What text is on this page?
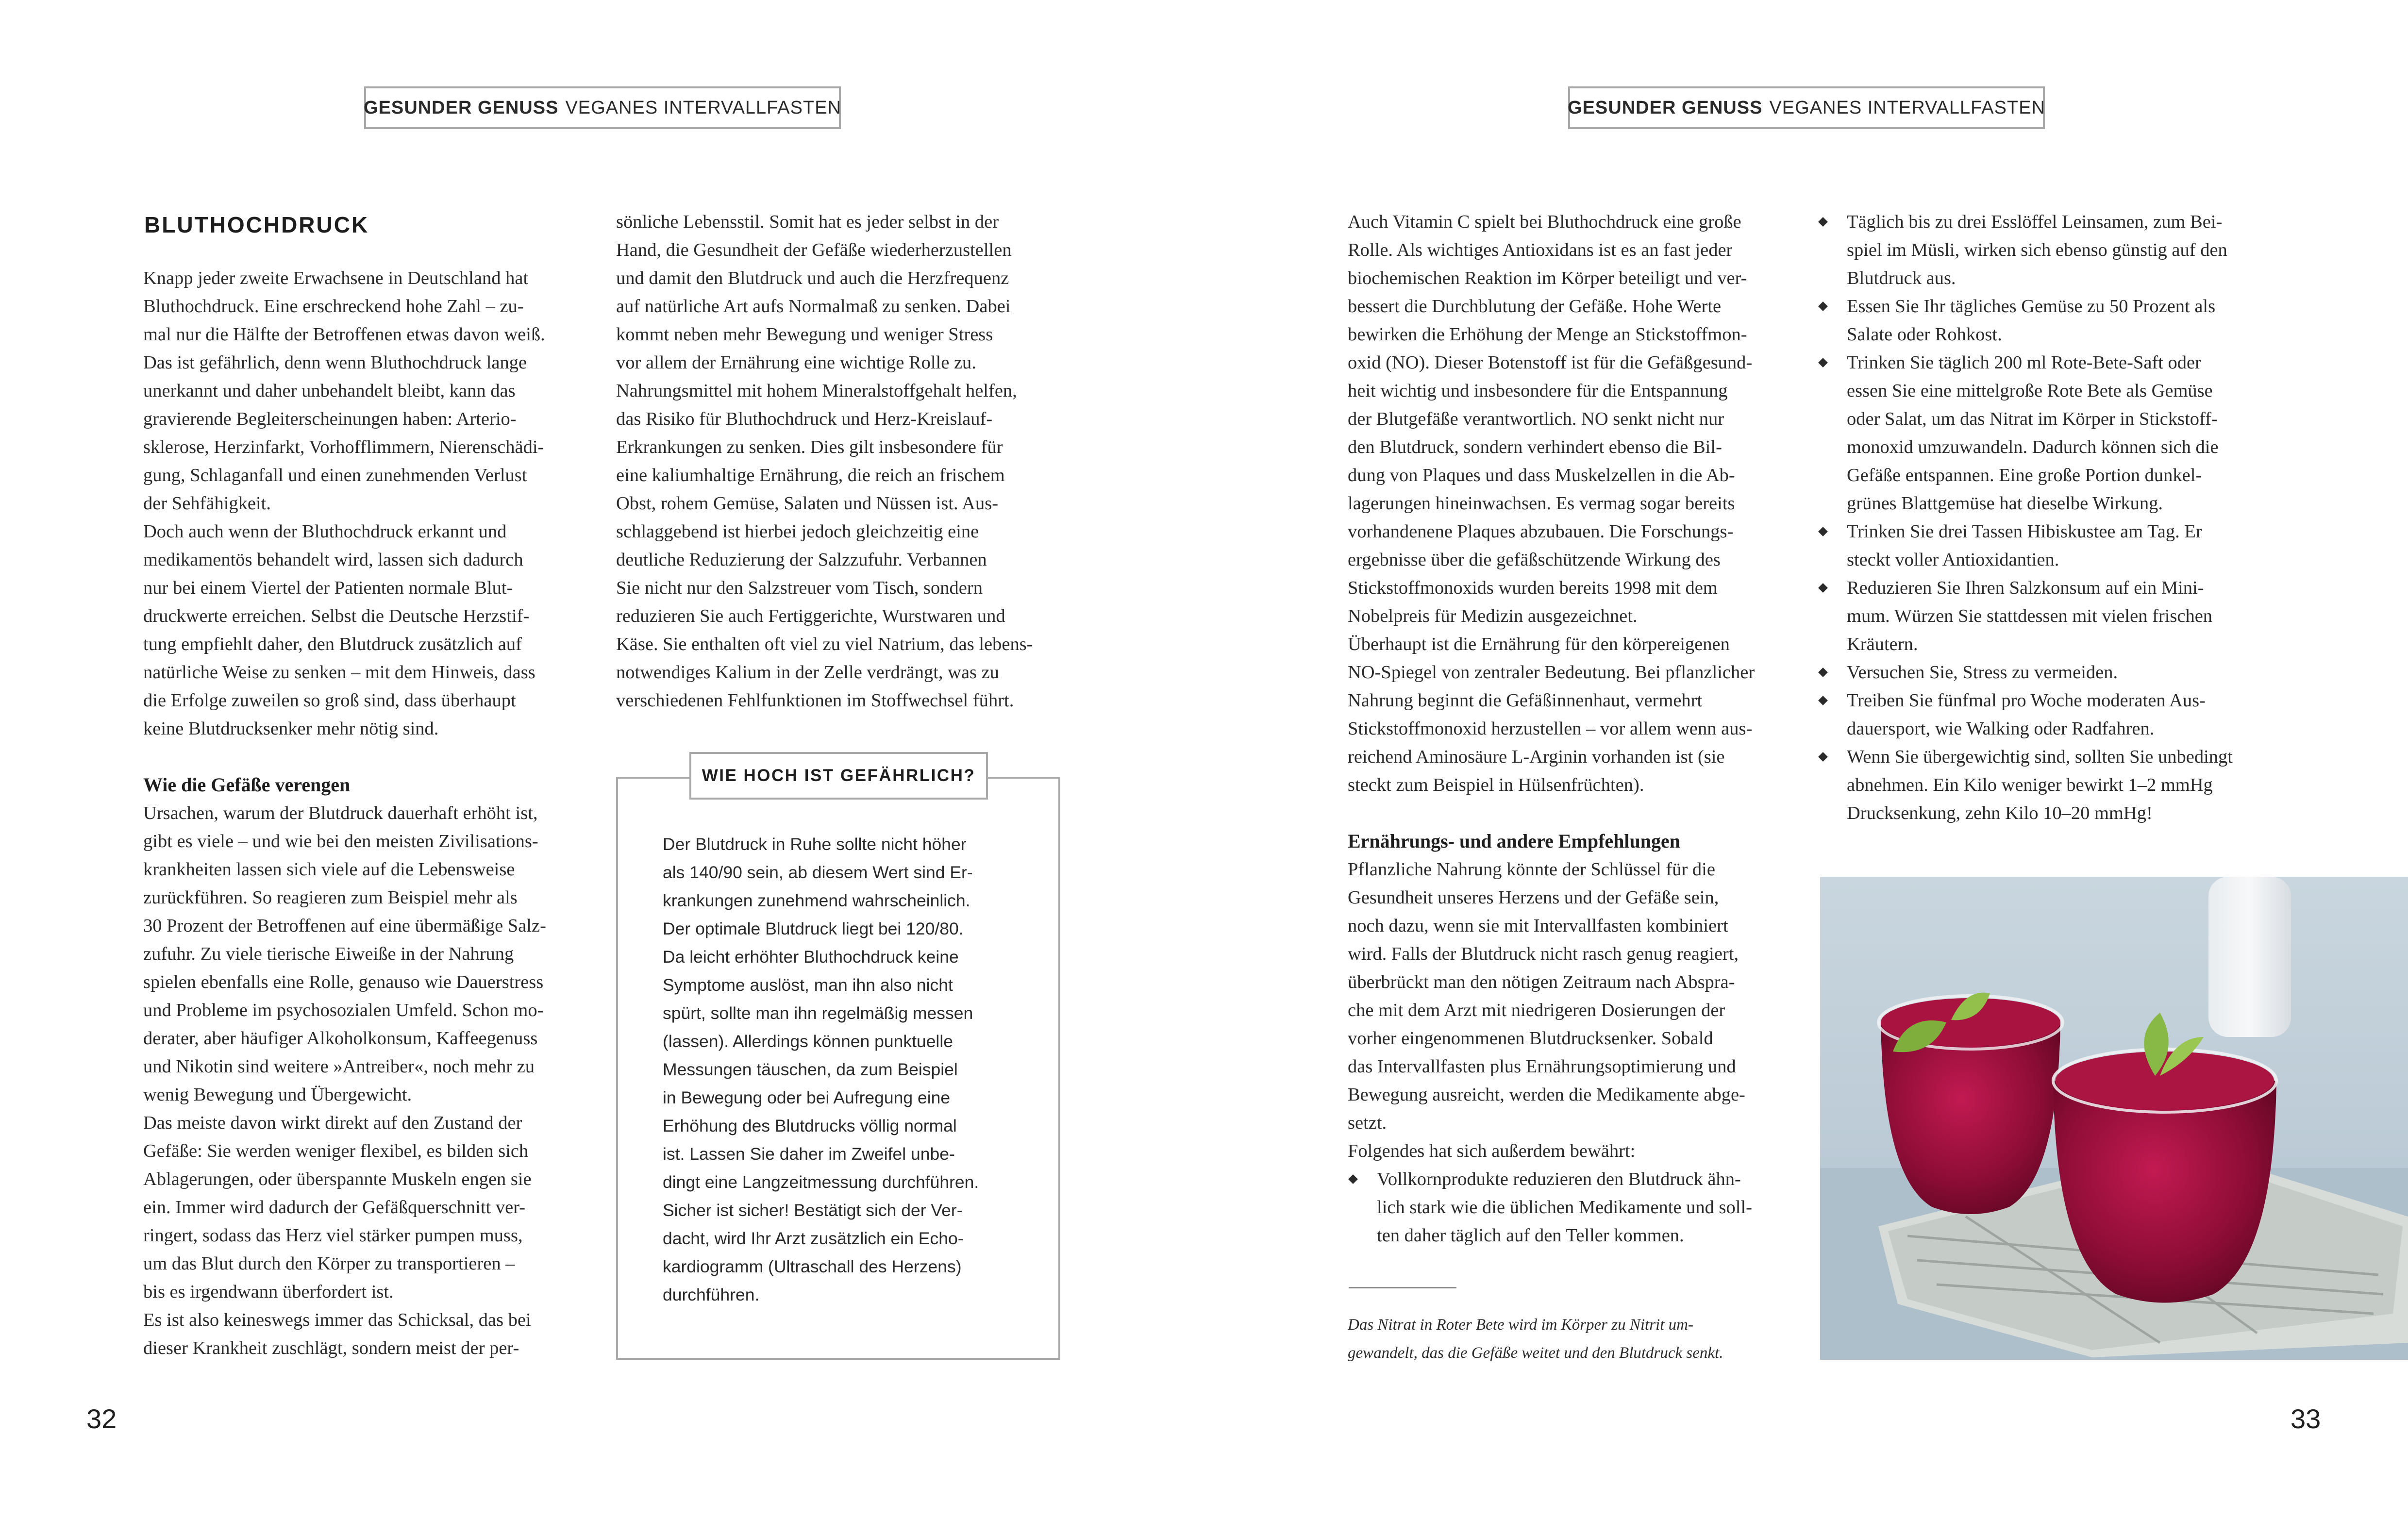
GESUNDER GENUSS VEGANES INTERVALLFASTEN	GESUNDER GENUSS VEGANES INTERVALLFASTEN
BLUTHOCHDRUCK
Knapp jeder zweite Erwachsene in Deutschland hat
Bluthochdruck. Eine erschreckend hohe Zahl – zu-
mal nur die Hälfte der Betroffenen etwas davon weiß.
Das ist gefährlich, denn wenn Bluthochdruck lange
unerkannt und daher unbehandelt bleibt, kann das
gravierende Begleiterscheinungen haben: Arterio-
sklerose, Herzinfarkt, Vorhofflimmern, Nierenschädi-
gung, Schlaganfall und einen zunehmenden Verlust
der Sehfähigkeit.
Doch auch wenn der Bluthochdruck erkannt und
medikamentös behandelt wird, lassen sich dadurch
nur bei einem Viertel der Patienten normale Blut-
druckwerte erreichen. Selbst die Deutsche Herzstif-
tung empfiehlt daher, den Blutdruck zusätzlich auf
natürliche Weise zu senken – mit dem Hinweis, dass
die Erfolge zuweilen so groß sind, dass überhaupt
keine Blutdrucksenker mehr nötig sind.
Wie die Gefäße verengen
Ursachen, warum der Blutdruck dauerhaft erhöht ist,
gibt es viele – und wie bei den meisten Zivilisations-
krankheiten lassen sich viele auf die Lebensweise
zurückführen. So reagieren zum Beispiel mehr als
30 Prozent der Betroffenen auf eine übermäßige Salz-
zufuhr. Zu viele tierische Eiweiße in der Nahrung
spielen ebenfalls eine Rolle, genauso wie Dauerstress
und Probleme im psychosozialen Umfeld. Schon mo-
derater, aber häufiger Alkoholkonsum, Kaffeegenuss
und Nikotin sind weitere »Antreiber«, noch mehr zu
wenig Bewegung und Übergewicht.
Das meiste davon wirkt direkt auf den Zustand der
Gefäße: Sie werden weniger flexibel, es bilden sich
Ablagerungen, oder überspannte Muskeln engen sie
ein. Immer wird dadurch der Gefäßquerschnitt ver-
ringert, sodass das Herz viel stärker pumpen muss,
um das Blut durch den Körper zu transportieren –
bis es irgendwann überfordert ist.
Es ist also keineswegs immer das Schicksal, das bei
dieser Krankheit zuschlägt, sondern meist der per-
sönliche Lebensstil. Somit hat es jeder selbst in der
Hand, die Gesundheit der Gefäße wiederherzustellen
und damit den Blutdruck und auch die Herzfrequenz
auf natürliche Art aufs Normalmaß zu senken. Dabei
kommt neben mehr Bewegung und weniger Stress
vor allem der Ernährung eine wichtige Rolle zu.
Nahrungsmittel mit hohem Mineralstoffgehalt helfen,
das Risiko für Bluthochdruck und Herz-Kreislauf-
Erkrankungen zu senken. Dies gilt insbesondere für
eine kaliumhaltige Ernährung, die reich an frischem
Obst, rohem Gemüse, Salaten und Nüssen ist. Aus-
schlaggebend ist hierbei jedoch gleichzeitig eine
deutliche Reduzierung der Salzzufuhr. Verbannen
Sie nicht nur den Salzstreuer vom Tisch, sondern
reduzieren Sie auch Fertiggerichte, Wurstwaren und
Käse. Sie enthalten oft viel zu viel Natrium, das lebens-
notwendiges Kalium in der Zelle verdrängt, was zu
verschiedenen Fehlfunktionen im Stoffwechsel führt.
WIE HOCH IST GEFÄHRLICH?
Der Blutdruck in Ruhe sollte nicht höher
als 140/90 sein, ab diesem Wert sind Er-
krankungen zunehmend wahrscheinlich.
Der optimale Blutdruck liegt bei 120/80.
Da leicht erhöhter Bluthochdruck keine
Symptome auslöst, man ihn also nicht
spürt, sollte man ihn regelmäßig messen
(lassen). Allerdings können punktuelle
Messungen täuschen, da zum Beispiel
in Bewegung oder bei Aufregung eine
Erhöhung des Blutdrucks völlig normal
ist. Lassen Sie daher im Zweifel unbe-
dingt eine Langzeitmessung durchführen.
Sicher ist sicher! Bestätigt sich der Ver-
dacht, wird Ihr Arzt zusätzlich ein Echo-
kardiogramm (Ultraschall des Herzens)
durchführen.
32
Auch Vitamin C spielt bei Bluthochdruck eine große
Rolle. Als wichtiges Antioxidans ist es an fast jeder
biochemischen Reaktion im Körper beteiligt und ver-
bessert die Durchblutung der Gefäße. Hohe Werte
bewirken die Erhöhung der Menge an Stickstoffmon-
oxid (NO). Dieser Botenstoff ist für die Gefäßgesund-
heit wichtig und insbesondere für die Entspannung
der Blutgefäße verantwortlich. NO senkt nicht nur
den Blutdruck, sondern verhindert ebenso die Bil-
dung von Plaques und dass Muskelzellen in die Ab-
lagerungen hineinwachsen. Es vermag sogar bereits
vorhandenene Plaques abzubauen. Die Forschungs-
ergebnisse über die gefäßschützende Wirkung des
Stickstoffmonoxids wurden bereits 1998 mit dem
Nobelpreis für Medizin ausgezeichnet.
Überhaupt ist die Ernährung für den körpereigenen
NO-Spiegel von zentraler Bedeutung. Bei pflanzlicher
Nahrung beginnt die Gefäßinnenhaut, vermehrt
Stickstoffmonoxid herzustellen – vor allem wenn aus-
reichend Aminosäure L-Arginin vorhanden ist (sie
steckt zum Beispiel in Hülsenfrüchten).
Ernährungs- und andere Empfehlungen
Pflanzliche Nahrung könnte der Schlüssel für die
Gesundheit unseres Herzens und der Gefäße sein,
noch dazu, wenn sie mit Intervallfasten kombiniert
wird. Falls der Blutdruck nicht rasch genug reagiert,
überbrückt man den nötigen Zeitraum nach Abspra-
che mit dem Arzt mit niedrigeren Dosierungen der
vorher eingenommenen Blutdrucksenker. Sobald
das Intervallfasten plus Ernährungsoptimierung und
Bewegung ausreicht, werden die Medikamente abge-
setzt.
Folgendes hat sich außerdem bewährt:
Vollkornprodukte reduzieren den Blutdruck ähn-
lich stark wie die üblichen Medikamente und soll-
ten daher täglich auf den Teller kommen.
Das Nitrat in Roter Bete wird im Körper zu Nitrit um-
gewandelt, das die Gefäße weitet und den Blutdruck senkt.
Täglich bis zu drei Esslöffel Leinsamen, zum Bei-
spiel im Müsli, wirken sich ebenso günstig auf den
Blutdruck aus.
Essen Sie Ihr tägliches Gemüse zu 50 Prozent als
Salate oder Rohkost.
Trinken Sie täglich 200 ml Rote-Bete-Saft oder
essen Sie eine mittelgroße Rote Bete als Gemüse
oder Salat, um das Nitrat im Körper in Stickstoff-
monoxid umzuwandeln. Dadurch können sich die
Gefäße entspannen. Eine große Portion dunkel-
grünes Blattgemüse hat dieselbe Wirkung.
Trinken Sie drei Tassen Hibiskustee am Tag. Er
steckt voller Antioxidantien.
Reduzieren Sie Ihren Salzkonsum auf ein Mini-
mum. Würzen Sie stattdessen mit vielen frischen
Kräutern.
Versuchen Sie, Stress zu vermeiden.
Treiben Sie fünfmal pro Woche moderaten Aus-
dauersport, wie Walking oder Radfahren.
Wenn Sie übergewichtig sind, sollten Sie unbedingt
abnehmen. Ein Kilo weniger bewirkt 1–2 mmHg
Drucksenkung, zehn Kilo 10–20 mmHg!
33
